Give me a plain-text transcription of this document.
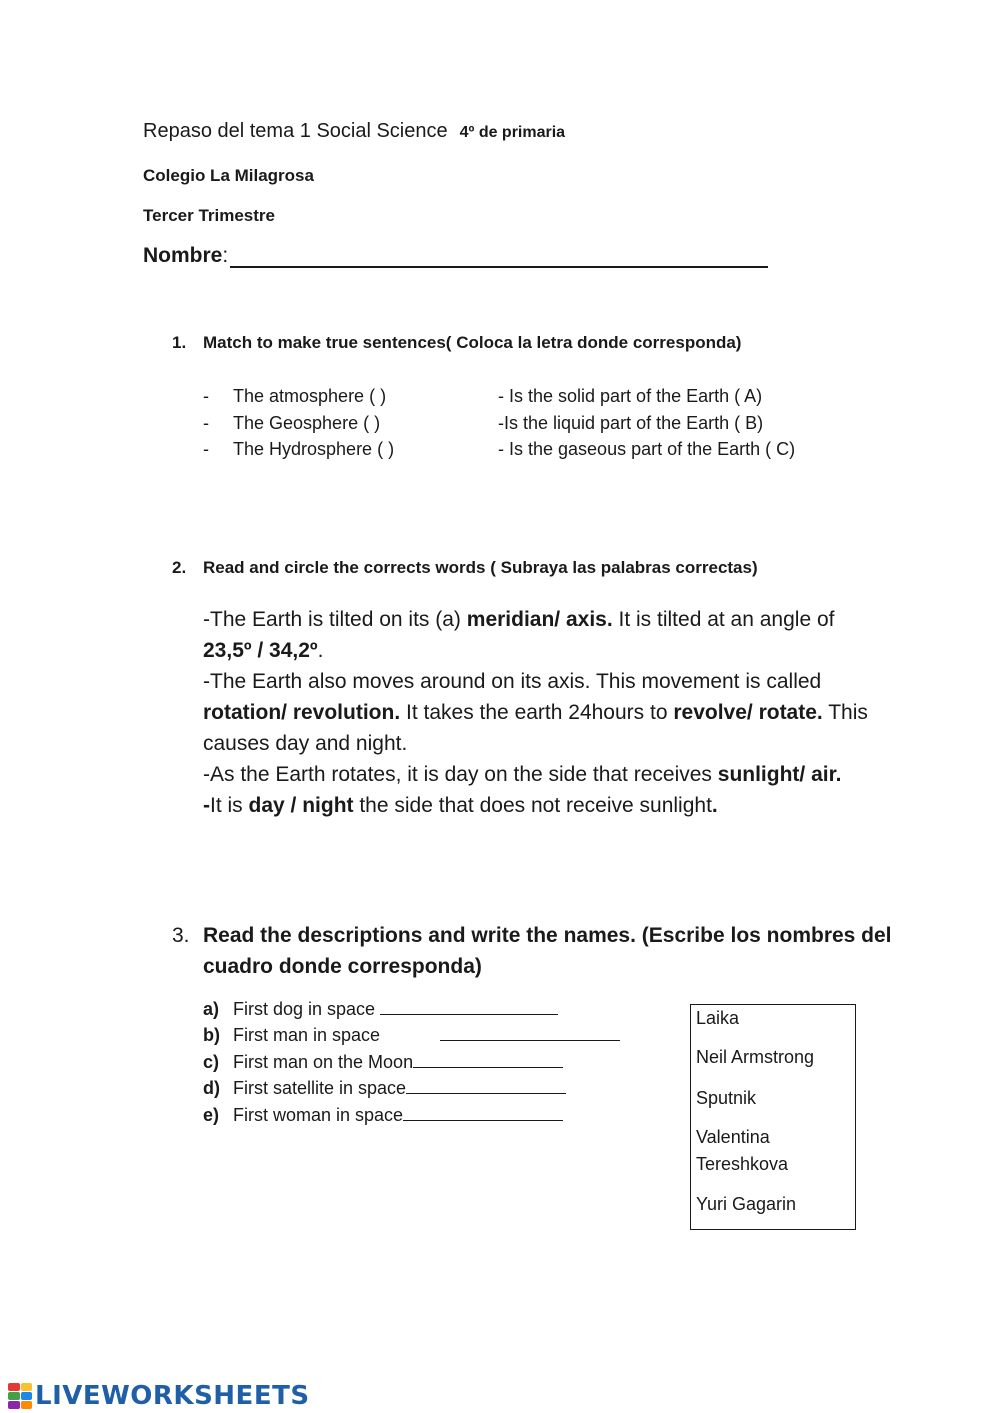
Repaso del tema 1 Social Science 4º de primaria
Colegio La Milagrosa
Tercer Trimestre
Nombre:
1. Match to make true sentences( Coloca la letra donde corresponda)
- The atmosphere ( )	- Is the solid part of the Earth ( A)
- The Geosphere ( )	-Is the liquid part of the Earth ( B)
- The Hydrosphere ( )	- Is the gaseous part of the Earth ( C)
2. Read and circle the corrects words ( Subraya las palabras correctas)

-The Earth is tilted on its (a) meridian/ axis. It is tilted at an angle of 23,5º / 34,2º.

-The Earth also moves around on its axis. This movement is called rotation/ revolution. It takes the earth 24hours to revolve/ rotate. This causes day and night.

-As the Earth rotates, it is day on the side that receives sunlight/ air.

-It is day / night the side that does not receive sunlight.

3. Read the descriptions and write the names. (Escribe los nombres del cuadro donde corresponda)
a) First dog in space
b) First man in space
c) First man on the Moon
d) First satellite in space
e) First woman in space
Laika
Neil Armstrong
Sputnik
Valentina Tereshkova
Yuri Gagarin
LIVEWORKSHEETS
